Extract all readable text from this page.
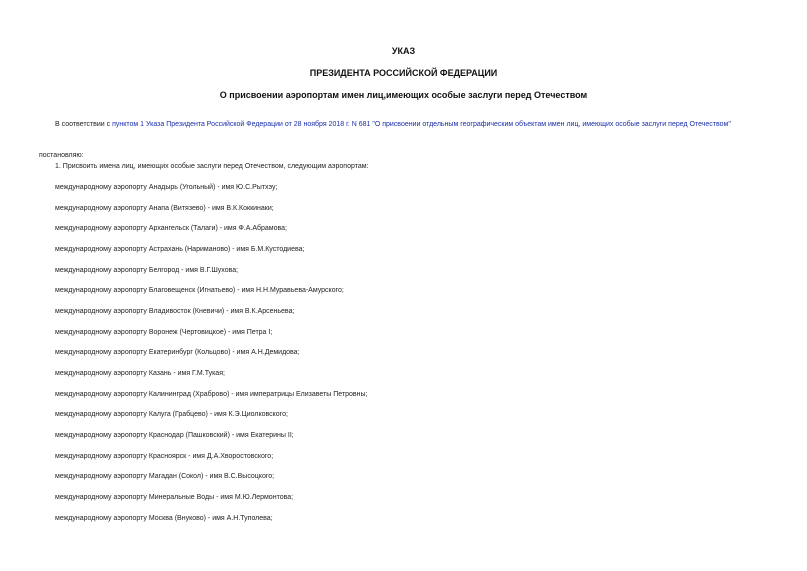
УКАЗ
ПРЕЗИДЕНТА РОССИЙСКОЙ ФЕДЕРАЦИИ
О присвоении аэропортам имен лиц,имеющих особые заслуги перед Отечеством
В соответствии с пунктом 1 Указа Президента Российской Федерации от 28 ноября 2018 г. N 681 "О присвоении отдельным географическим объектам имен лиц, имеющих особые заслуги перед Отечеством"
постановляю:
1. Присвоить имена лиц, имеющих особые заслуги перед Отечеством, следующим аэропортам:
международному аэропорту Анадырь (Угольный) - имя Ю.С.Рытхэу;
международному аэропорту Анапа (Витязево) - имя В.К.Коккинаки;
международному аэропорту Архангельск (Талаги) - имя Ф.А.Абрамова;
международному аэропорту Астрахань (Нариманово) - имя Б.М.Кустодиева;
международному аэропорту Белгород - имя В.Г.Шухова;
международному аэропорту Благовещенск (Игнатьево) - имя Н.Н.Муравьева-Амурского;
международному аэропорту Владивосток (Кневичи) - имя В.К.Арсеньева;
международному аэропорту Воронеж (Чертовицкое) - имя Петра I;
международному аэропорту Екатеринбург (Кольцово) - имя А.Н.Демидова;
международному аэропорту Казань - имя Г.М.Тукая;
международному аэропорту Калининград (Храброво) - имя императрицы Елизаветы Петровны;
международному аэропорту Калуга (Грабцево) - имя К.Э.Циолковского;
международному аэропорту Краснодар (Пашковский) - имя Екатерины II;
международному аэропорту Красноярск - имя Д.А.Хворостовского;
международному аэропорту Магадан (Сокол) - имя В.С.Высоцкого;
международному аэропорту Минеральные Воды - имя М.Ю.Лермонтова;
международному аэропорту Москва (Внуково) - имя А.Н.Туполева;
